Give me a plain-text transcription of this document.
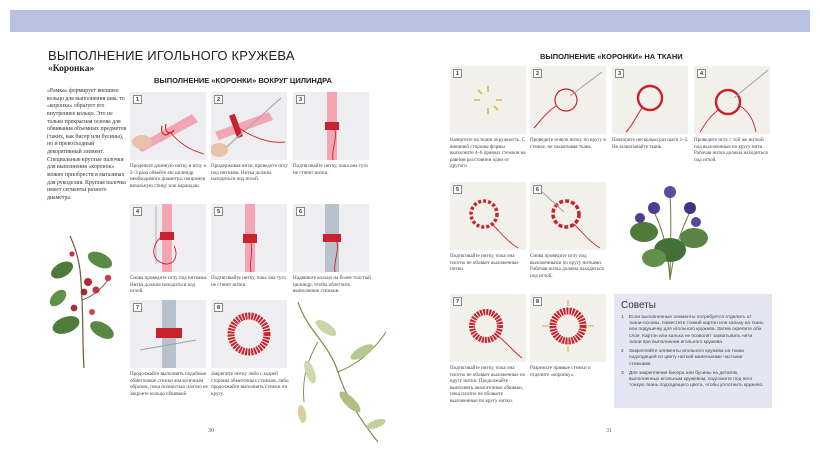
ВЫПОЛНЕНИЕ ИГОЛЬНОГО КРУЖЕВА
«Коронка»
ВЫПОЛНЕНИЕ «КОРОНКИ» ВОКРУГ ЦИЛИНДРА
«Рамка» формирует внешнее кольцо для выполнения шва, то «коронка» образует его внутреннее кольцо. Это не только прекрасная основа для обвивания объемных предметов (таких, как бисер или бусины), но и превосходный декоративный элемент. Специальные круглые палочки для выполнения «коронок» можно приобрести в магазинах для рукоделия. Круглая палочка имеет сегменты разного диаметра.
1
Проденьте длинную нитку в иглу и 2–3 раза обвейте ею цилиндр необходимого диаметра, например вязальную спицу или карандаш.
2
Придерживая нити, проведите иглу под нитками. Нитка должна находиться под иглой.
3
Подтягивайте нитку, пока она туго не стянет нитки.
4
Снова проведите иглу под нитками. Нитка должна находиться под иглой.
5
Подтягивайте нитку, пока она туго не стянет нитки.
6
Надвиньте кольцо на более толстый цилиндр, чтобы облегчить выполнение стежков.
7
Продолжайте выполнять подобные обметочные стежки аналогичным образом, пока полностью плотно не закроете кольцо обвивкой.
8
Закрепите нитку либо с задней стороны обметочных стежков, либо продолжайте выполнять стежки по кругу.
30
ВЫПОЛНЕНИЕ «КОРОНКИ» НА ТКАНИ
1
Начертите на ткани окружность. С внешней стороны формы выполните 4–6 прямых стежков на равном расстоянии один от другого.
2
Проведите новую нитку по кругу в стежке, не захватывая ткань.
3
Повторите несколько раз шаги 1–2. Не захватывайте ткань.
4
Проведите иглу с той же ниткой под выложенные по кругу нити. Рабочая нитка должна находиться под иглой.
5
Подтягивайте нитку, пока она плотно не обовьет выложенные нитки.
6
Снова проведите иглу под выложенными по кругу нитками. Рабочая нитка должна находиться под иглой.
7
Подтягивайте нитку, пока она плотно не обовьет выложенные по кругу нитки. Продолжайте выполнять аналогичные обвивки, пока плотно не обовьете выложенные по кругу нитки.
8
Разрежьте прямые стежки и отделите «коронку».
Советы
1 Если выполненные элементы потребуется отделить от ткани-основы, поместите тонкий картон или кальку на ткань или подушечку для игольного кружева. Затем скрепите оба слоя. Картон или калька не позволят захватывать нити ткани при выполнении игольного кружева.
2 Закрепляйте элементы игольного кружева на ткани подходящей по цвету ниткой маленькими частыми стежками.
3 Для закрепления бисера или бусины на деталях, выполненных игольным кружевом, подложите под него тонкую ткань подходящего цвета, чтобы уплотнить кружево.
31
